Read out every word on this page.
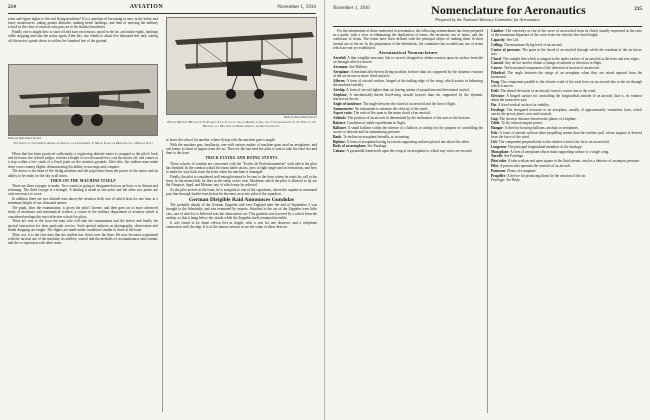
214	AVIATION	November 1, 1916

turns and figure eights to the real flying machines! It is a question of becoming at once in the better and fancy manoeuvres, taking greater altitudes, making better landings, and then of entering the military school in the class of aviators who pass on to the finished machines.

Finally one is taught how to start off and start each motor, spiral in the air, and make eights, landings while stopping and start the motor again. After this, one climbs to about five thousand feet, and, cutting off the motor, spirals down to within five hundred feet of the ground.

Photo by Kean Naeve Service
The Spouts in this German Aeroplane Appear to be Unfinished. It Might Easily be Mistaken for a Bergius Walt

When that has been practiced sufficiently, a registering altitude meter is strapped to the pilot's back and he leaves the official judges, reaches a height of two thousand feet, cuts the motor off, and comes to a stop within a few yards of a fixed point on the aviation grounds. After this, the student must make three cross country flights, demonstrating his ability to use map and compass.

The motor is the heart of the flying machine and the pupil must learn the power of the motor and its ability to be ready for the sky at all times.

THEN ON THE MACHINE ITSELF

There are three voyages to make. Two consist in going to designated towns an hour or so distant and returning. The third voyage is a triangle. A landing is made at one point and the other two points are only necessary to cross.

In addition there are two altitude tests above the aviation field, one of which lasts for one hour at a minimum height of two thousand metres.

The pupil, after the examination, is given the pilot's license, and then goes on to more advanced study of machines and aeronautical science, a course in the military department of aviation which is considered perhaps the most effective school for pilots.

There are sent to the front the men who will take the examination and the brevet and finally the special instruction for their particular service. Such special subjects as photography, observation and bomb dropping are taught. The flights are made under conditions similar to those at the front.

Then, too, it is the first time that the student has flown over the lines. He now becomes acquainted with the tactical use of the machine, its artillery control and the methods of reconnaissance and combat, and the co-operation with other arms.

Photo by Kean Naeve Service
French Military Biplane of the Farman Type. It has no fins or Rudder of Ae, and it's Concentrated on the Wing of the Machine as a Machine for Bombardments and Reconnaissance.

to leave the school for another, where flying with the machine gun is taught.

With the machine gun, familiarity, one with various makes of machine guns used on aeroplanes, and one learns to shoot at targets from the air. Then for the last time the pilot is sent to take his final test and then to the front.

TRICK FLYING AND DOING STUNTS

These schools of combat are concerned with the "Ecoles de Perfectionnement" with which the pilot has finished. In the combat school he learns battle tactics, how to fight single and in formations, and how to make his way back from the front when his machine is damaged.

Finally the pilot is considered well enough trained to be sent to the front where he waits his call to the front. In the meanwhile, he flies in the camp on his own. Machines which the pilot is allowed to fly are the Nieuport, Spad, and Morane, any of which may be selected.

As the pilot arrives at the front, he is assigned to one of the squadrons, where the captain in command puts him through further tests before he becomes an active pilot of the squadron.

German Dirigible Raid Announces Gondolas

The probable details of the German Zeppelin raid over England after the end of September 2 was brought to the Admiralty, and was examined by experts. Attached to the car of the Zeppelin were little cars, one of which it is believed was the observation car. This gondola was lowered by a winch from the airship, so that it hung below the clouds while the Zeppelin itself remained invisible.

It was found to be about eleven feet in length, with a seat for one observer, and a telephone connection with the ship. It is of the utmost interest to see the value of these devices.

November 1, 1916	Nomenclature for Aeronautics	215
Prepared by the National Advisory Committee for Aeronautics

For the information of those interested in aeronautics, the following nomenclature has been prepared as a guide, with a view to eliminating the duplication of terms, the erroneous use of terms, and the confusion of terms. The terms have been defined with the principal object of making them fit their normal use in the art. In the preparation of the definitions, the committee has avoided any use of terms which are not yet established.

Aeronautical Nomenclature

Aerofoil: A thin winglike structure, flat or curved, designed to obtain reaction upon its surface from the air through which it moves.

Aeronaut: See Balloon.

Aeroplane: A mechanically-driven flying machine, heavier than air, supported by the dynamic reaction of the air on one or more fixed surfaces.

Aileron: A form of aircraft surface, hinged at the trailing edge of the wing, which assists in balancing the machine laterally.

Airship: A form of aircraft lighter than air, having means of propulsion and directional control.

Airplane: A mechanically-driven fixed-wing aircraft heavier than air, supported by the dynamic reaction of the air.

Angle of incidence: The angle between the chord of an aerofoil and the line of flight.

Anemometer: An instrument to measure the velocity of the wind.

Aspect ratio: The ratio of the span to the mean chord of an aerofoil.

Attitude: The position of an aircraft as determined by the inclination of the axes to the horizon.

Balance: Condition of stable equilibrium in flight.

Ballonet: A small balloon within the interior of a balloon or airship for the purpose of controlling the ascent or descent and for maintaining pressure.

Bank: To incline an aeroplane laterally, as in turning.

Biplane: A form of aeroplane having two main supporting surfaces placed one above the other.

Body of an aeroplane: See Fuselage.

Cabane: A pyramidal framework upon the wing of an aeroplane to which stay wires are secured.

Camber: The convexity or rise of the curve of an aerofoil from its chord, usually expressed as the ratio of the maximum departure of the curve from the chord to the chord length.

Capacity: See Lift.

Ceiling: The maximum flying level of an aircraft.

Center of pressure: The point in the chord of an aerofoil through which the resultant of the air forces acts.

Chord: The straight line which is tangent to the under surface of an aerofoil at the front and rear edges.

Control: Any device used to obtain a change of attitude or direction in flight.

Course: The horizontal component of the direction of motion of an aircraft.

Dihedral: The angle between the wings of an aeroplane when they are raised upward from the horizontal.

Drag: The component parallel to the relative wind of the total force on an aircraft due to the air through which it moves.

Drift: The lateral deviation of an aircraft from its course due to the wind.

Elevator: A hinged surface for controlling the longitudinal attitude of an aircraft; that is, its rotation about the transverse axis.

Fin: A fixed vertical surface for stability.

Fuselage: The elongated structure of an aeroplane, usually of approximately streamline form, which carries the power plant, crew and controls.

Gap: The shortest distance between the planes of a biplane.

Glide: To fly without engine power.

Hangar: A shed for housing balloons, airships or aeroplanes.

Kite: A form of aircraft without other propelling means than the towline pull, whose support is derived from the force of the wind.

Lift: The component perpendicular to the relative wind of the force on an aerofoil.

Longeron: The principal longitudinal members of the fuselage.

Monoplane: A form of aeroplane whose main supporting surface is a single wing.

Nacelle: See Fuselage.

Pitot tube: A tube with an end open square to the fluid stream, used as a detector of an impact pressure.

Pilot: A person who operates the controls of an aircraft.

Pontoons: Floats of a seaplane.

Propeller: A device for producing thrust by the reaction of the air.

Fuselage: See Body.
